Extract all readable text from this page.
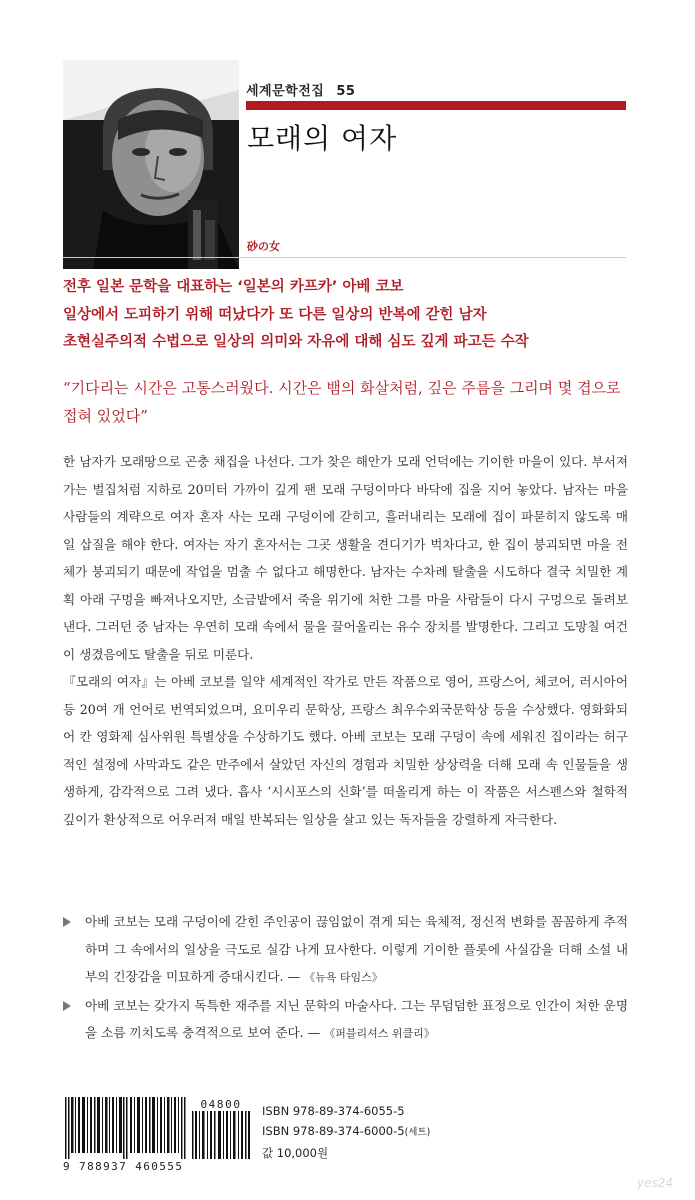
세계문학전집 55
모래의 여자
砂の女
전후 일본 문학을 대표하는 ‘일본의 카프카’ 아베 코보
일상에서 도피하기 위해 떠났다가 또 다른 일상의 반복에 갇힌 남자
초현실주의적 수법으로 일상의 의미와 자유에 대해 심도 깊게 파고든 수작
“기다리는 시간은 고통스러웠다. 시간은 뱀의 화살처럼, 깊은 주름을 그리며 몇 겹으로 접혀 있었다”

한 남자가 모래땅으로 곤충 채집을 나선다. 그가 찾은 해안가 모래 언덕에는 기이한 마을이 있다. 부서져 가는 벌집처럼 지하로 20미터 가까이 깊게 팬 모래 구덩이마다 바닥에 집을 지어 놓았다. 남자는 마을 사람들의 계략으로 여자 혼자 사는 모래 구덩이에 갇히고, 흘러내리는 모래에 집이 파묻히지 않도록 매일 삽질을 해야 한다. 여자는 자기 혼자서는 그곳 생활을 견디기가 벅차다고, 한 집이 붕괴되면 마을 전체가 붕괴되기 때문에 작업을 멈출 수 없다고 해명한다. 남자는 수차례 탈출을 시도하다 결국 치밀한 계획 아래 구멍을 빠져나오지만, 소금밭에서 죽을 위기에 처한 그를 마을 사람들이 다시 구멍으로 돌려보낸다. 그러던 중 남자는 우연히 모래 속에서 물을 끌어올리는 유수 장치를 발명한다. 그리고 도망칠 여건이 생겼음에도 탈출을 뒤로 미룬다.

『모래의 여자』는 아베 코보를 일약 세계적인 작가로 만든 작품으로 영어, 프랑스어, 체코어, 러시아어 등 20여 개 언어로 번역되었으며, 요미우리 문학상, 프랑스 최우수외국문학상 등을 수상했다. 영화화되어 칸 영화제 심사위원 특별상을 수상하기도 했다. 아베 코보는 모래 구덩이 속에 세워진 집이라는 허구적인 설정에 사막과도 같은 만주에서 살았던 자신의 경험과 치밀한 상상력을 더해 모래 속 인물들을 생생하게, 감각적으로 그려 냈다. 흡사 ‘시시포스의 신화’를 떠올리게 하는 이 작품은 서스펜스와 철학적 깊이가 환상적으로 어우러져 매일 반복되는 일상을 살고 있는 독자들을 강렬하게 자극한다.

아베 코보는 모래 구덩이에 갇힌 주인공이 끊임없이 겪게 되는 육체적, 정신적 변화를 꼼꼼하게 추적하며 그 속에서의 일상을 극도로 실감 나게 묘사한다. 이렇게 기이한 플롯에 사실감을 더해 소설 내부의 긴장감을 미묘하게 증대시킨다. — 《뉴욕 타임스》
아베 코보는 갖가지 독특한 재주를 지닌 문학의 마술사다. 그는 무덤덤한 표정으로 인간이 처한 운명을 소름 끼치도록 충격적으로 보여 준다. — 《퍼블리셔스 위클리》
9 788937 460555
04800	ISBN 978-89-374-6055-5
ISBN 978-89-374-6000-5(세트)
값 10,000원
yes24
